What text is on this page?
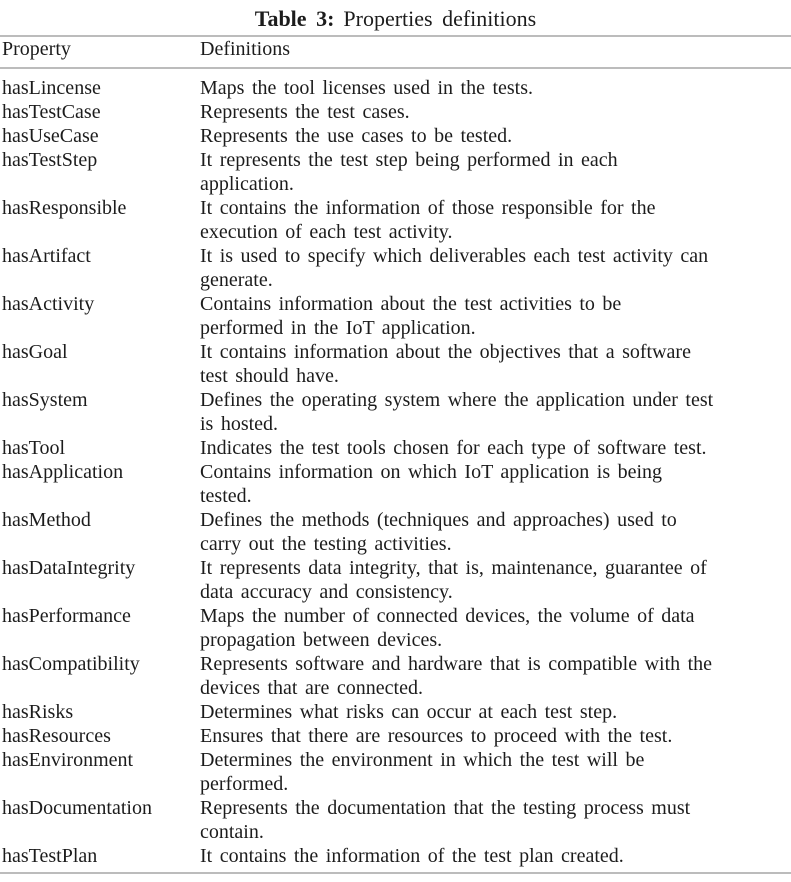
Table 3: Properties definitions
Property	Definitions
hasLincense	Maps the tool licenses used in the tests.
hasTestCase	Represents the test cases.
hasUseCase	Represents the use cases to be tested.
hasTestStep	It represents the test step being performed in each
application.
hasResponsible	It contains the information of those responsible for the
execution of each test activity.
hasArtifact	It is used to specify which deliverables each test activity can
generate.
hasActivity	Contains information about the test activities to be
performed in the IoT application.
hasGoal	It contains information about the objectives that a software
test should have.
hasSystem	Defines the operating system where the application under test
is hosted.
hasTool	Indicates the test tools chosen for each type of software test.
hasApplication	Contains information on which IoT application is being
tested.
hasMethod	Defines the methods (techniques and approaches) used to
carry out the testing activities.
hasDataIntegrity	It represents data integrity, that is, maintenance, guarantee of
data accuracy and consistency.
hasPerformance	Maps the number of connected devices, the volume of data
propagation between devices.
hasCompatibility	Represents software and hardware that is compatible with the
devices that are connected.
hasRisks	Determines what risks can occur at each test step.
hasResources	Ensures that there are resources to proceed with the test.
hasEnvironment	Determines the environment in which the test will be
performed.
hasDocumentation	Represents the documentation that the testing process must
contain.
hasTestPlan	It contains the information of the test plan created.
